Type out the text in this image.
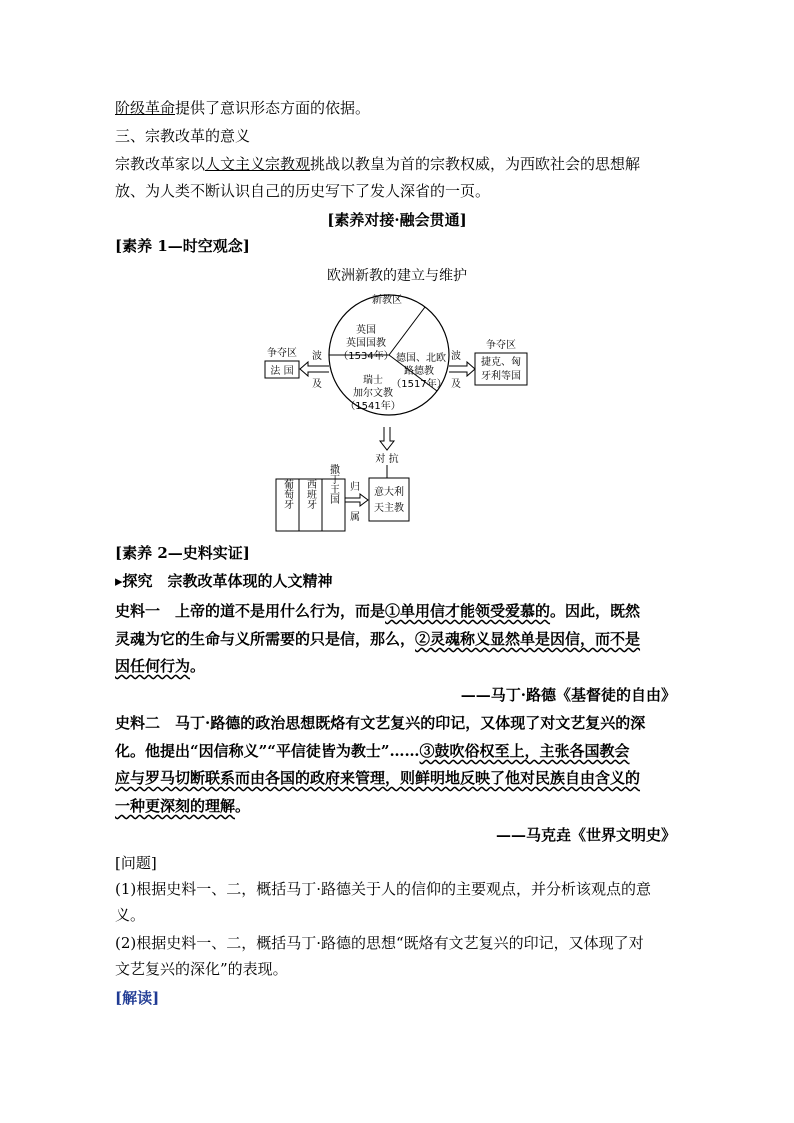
阶级革命提供了意识形态方面的依据。
三、宗教改革的意义
宗教改革家以人文主义宗教观挑战以教皇为首的宗教权威，为西欧社会的思想解
放、为人类不断认识自己的历史写下了发人深省的一页。
[素养对接·融会贯通]
[素养 1—时空观念]
欧洲新教的建立与维护
新教区
英国
英国国教
（1534年） 德国、北欧
路德教
（1517年）
瑞士
加尔文教
（1541年）
争夺区
法 国
波
及
争夺区
捷克、匈
牙利等国
波
及
对 抗
意大利
天主教
葡萄牙 西班牙 撒丁王国 归
属
[素养 2—史料实证]
▸探究　宗教改革体现的人文精神
史料一　上帝的道不是用什么行为，而是①单用信才能领受爱慕的。因此，既然
灵魂为它的生命与义所需要的只是信，那么，②灵魂称义显然单是因信，而不是
因任何行为。
——马丁·路德《基督徒的自由》
史料二　马丁·路德的政治思想既烙有文艺复兴的印记，又体现了对文艺复兴的深
化。他提出“因信称义”“平信徒皆为教士”……③鼓吹俗权至上，主张各国教会
应与罗马切断联系而由各国的政府来管理，则鲜明地反映了他对民族自由含义的
一种更深刻的理解。
——马克垚《世界文明史》
[问题]
(1)根据史料一、二，概括马丁·路德关于人的信仰的主要观点，并分析该观点的意
义。
(2)根据史料一、二，概括马丁·路德的思想“既烙有文艺复兴的印记，又体现了对
文艺复兴的深化”的表现。
[解读]
